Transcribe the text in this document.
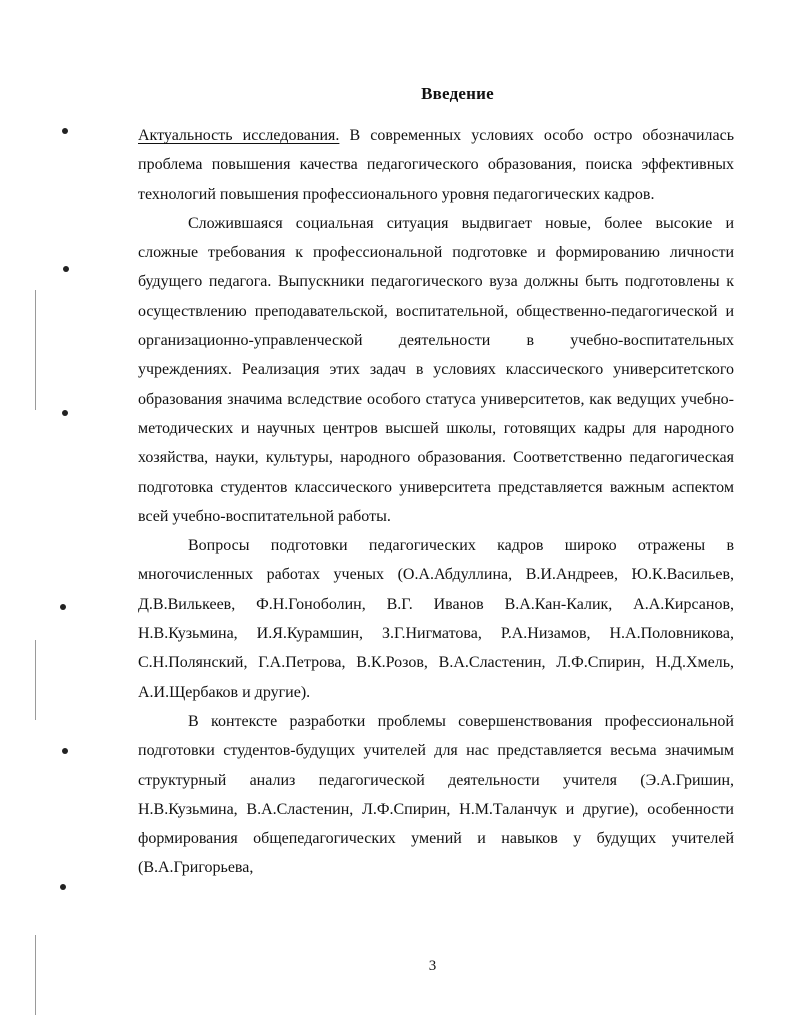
Введение

Актуальность исследования. В современных условиях особо остро обозначилась проблема повышения качества педагогического образования, поиска эффективных технологий повышения профессионального уровня педагогических кадров.

Сложившаяся социальная ситуация выдвигает новые, более высокие и сложные требования к профессиональной подготовке и формированию личности будущего педагога. Выпускники педагогического вуза должны быть подготовлены к осуществлению преподавательской, воспитательной, общественно-педагогической и организационно-управленческой деятельности в учебно-воспитательных учреждениях. Реализация этих задач в условиях классического университетского образования значима вследствие особого статуса университетов, как ведущих учебно-методических и научных центров высшей школы, готовящих кадры для народного хозяйства, науки, культуры, народного образования. Соответственно педагогическая подготовка студентов классического университета представляется важным аспектом всей учебно-воспитательной работы.

Вопросы подготовки педагогических кадров широко отражены в многочисленных работах ученых (О.А.Абдуллина, В.И.Андреев, Ю.К.Васильев, Д.В.Вилькеев, Ф.Н.Гоноболин, В.Г. Иванов В.А.Кан-Калик, А.А.Кирсанов, Н.В.Кузьмина, И.Я.Курамшин, З.Г.Нигматова, Р.А.Низамов, Н.А.Половникова, С.Н.Полянский, Г.А.Петрова, В.К.Розов, В.А.Сластенин, Л.Ф.Спирин, Н.Д.Хмель, А.И.Щербаков и другие).

В контексте разработки проблемы совершенствования профессиональной подготовки студентов-будущих учителей для нас представляется весьма значимым структурный анализ педагогической деятельности учителя (Э.А.Гришин, Н.В.Кузьмина, В.А.Сластенин, Л.Ф.Спирин, Н.М.Таланчук и другие), особенности формирования общепедагогических умений и навыков у будущих учителей (В.А.Григорьева,

3
